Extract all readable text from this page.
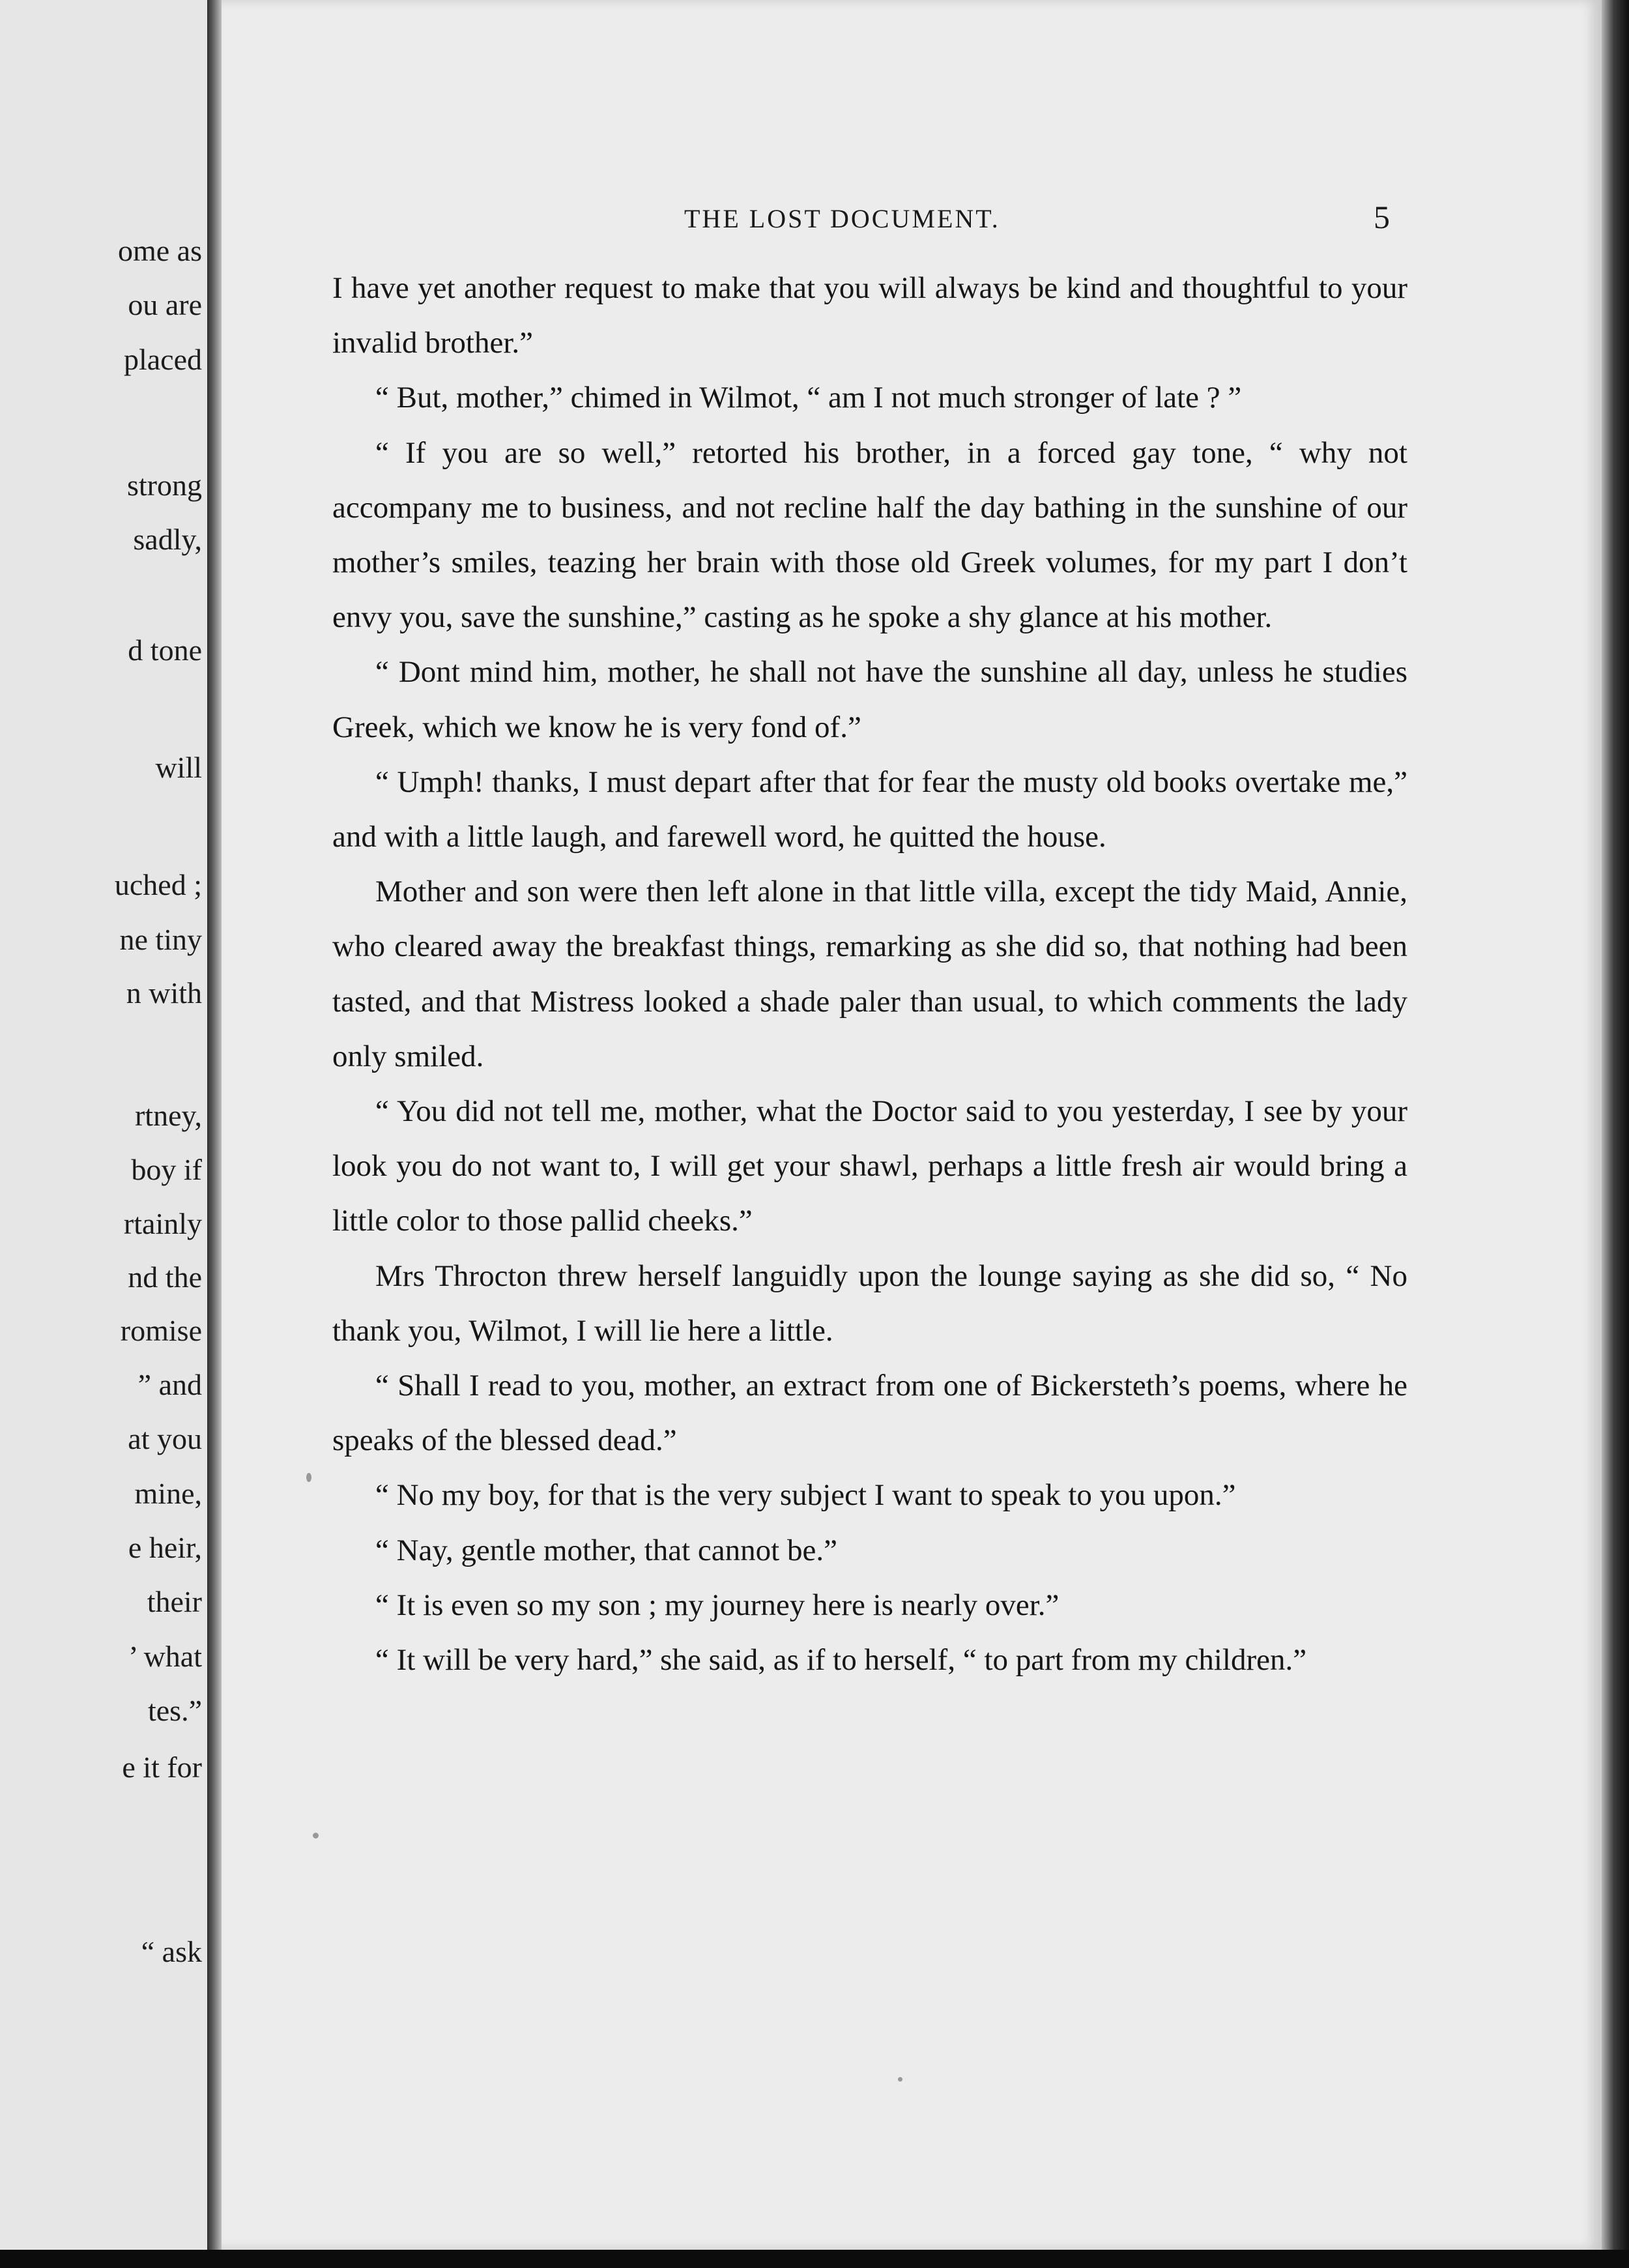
ome as
ou are
placed
strong
sadly,
d tone
will
uched ;
ne tiny
n with
rtney,
boy if
rtainly
nd the
romise
” and
at you
mine,
e heir,
their
’ what
tes.”
e it for
“ ask
THE LOST DOCUMENT.	5

I have yet another request to make that you will always be kind and thoughtful to your invalid brother.”

“ But, mother,” chimed in Wilmot, “ am I not much stronger of late ? ”

“ If you are so well,” retorted his brother, in a forced gay tone, “ why not accompany me to business, and not recline half the day bathing in the sunshine of our mother’s smiles, teazing her brain with those old Greek volumes, for my part I don’t envy you, save the sunshine,” casting as he spoke a shy glance at his mother.

“ Dont mind him, mother, he shall not have the sunshine all day, unless he studies Greek, which we know he is very fond of.”

“ Umph! thanks, I must depart after that for fear the musty old books overtake me,” and with a little laugh, and farewell word, he quitted the house.

Mother and son were then left alone in that little villa, except the tidy Maid, Annie, who cleared away the breakfast things, remarking as she did so, that nothing had been tasted, and that Mistress looked a shade paler than usual, to which comments the lady only smiled.

“ You did not tell me, mother, what the Doctor said to you yesterday, I see by your look you do not want to, I will get your shawl, perhaps a little fresh air would bring a little color to those pallid cheeks.”

Mrs Throcton threw herself languidly upon the lounge saying as she did so, “ No thank you, Wilmot, I will lie here a little.

“ Shall I read to you, mother, an extract from one of Bickersteth’s poems, where he speaks of the blessed dead.”

“ No my boy, for that is the very subject I want to speak to you upon.”

“ Nay, gentle mother, that cannot be.”

“ It is even so my son ; my journey here is nearly over.”

“ It will be very hard,” she said, as if to herself, “ to part from my children.”
